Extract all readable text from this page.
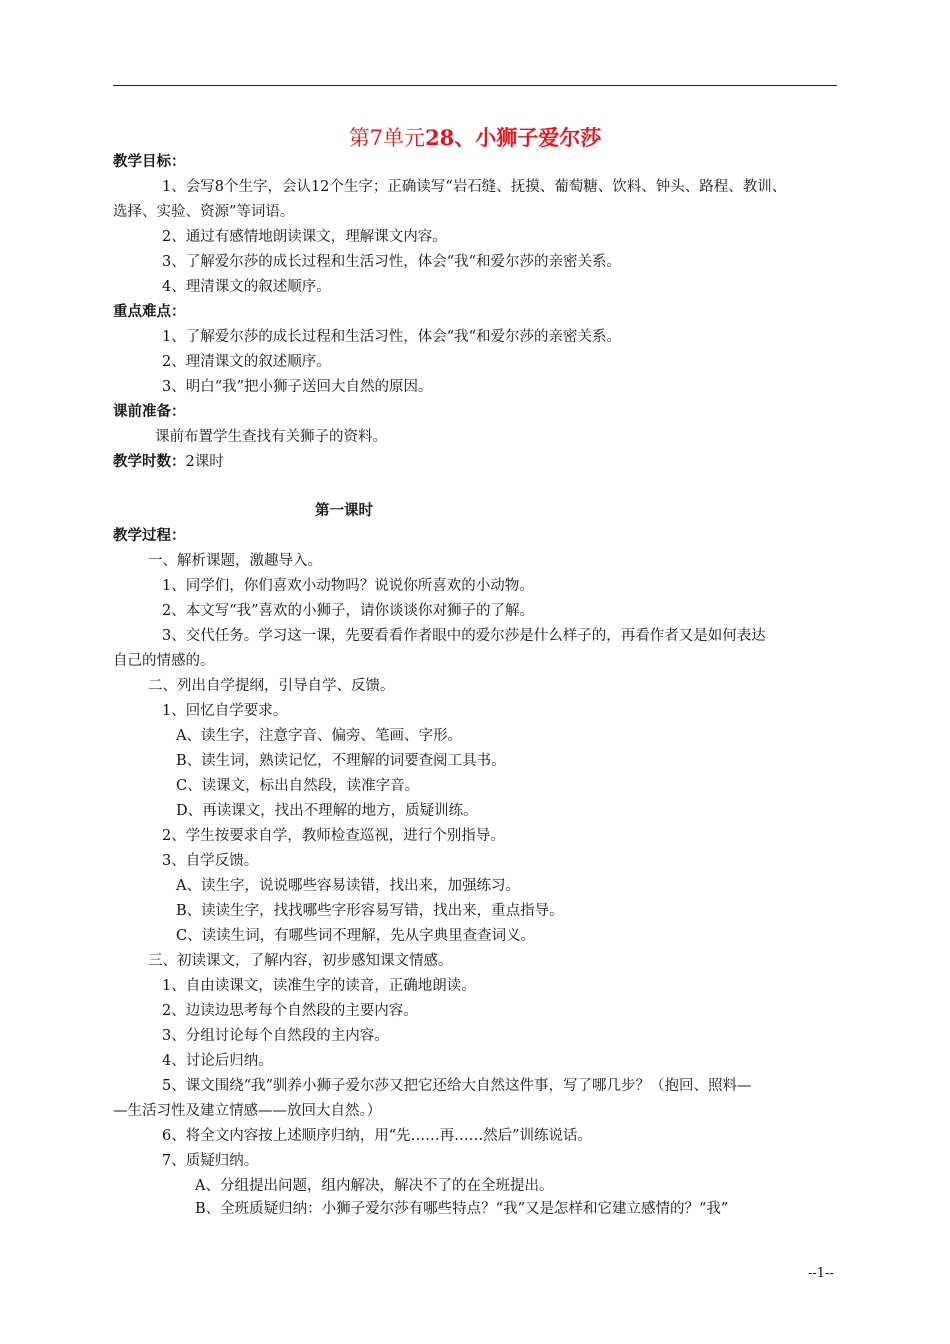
第7单元28、小狮子爱尔莎
教学目标：
1、会写8个生字，会认12个生字；正确读写“岩石缝、抚摸、葡萄糖、饮料、钟头、路程、教训、
选择、实验、资源”等词语。
2、通过有感情地朗读课文，理解课文内容。
3、了解爱尔莎的成长过程和生活习性，体会“我“和爱尔莎的亲密关系。
4、理清课文的叙述顺序。
重点难点：
1、了解爱尔莎的成长过程和生活习性，体会“我“和爱尔莎的亲密关系。
2、理清课文的叙述顺序。
3、明白“我”把小狮子送回大自然的原因。
课前准备：
课前布置学生查找有关狮子的资料。
教学时数：2课时
第一课时
教学过程：
一、解析课题，激趣导入。
1、同学们，你们喜欢小动物吗？说说你所喜欢的小动物。
2、本文写“我”喜欢的小狮子，请你谈谈你对狮子的了解。
3、交代任务。学习这一课，先要看看作者眼中的爱尔莎是什么样子的，再看作者又是如何表达
自己的情感的。
二、列出自学提纲，引导自学、反馈。
1、回忆自学要求。
A、读生字，注意字音、偏旁、笔画、字形。
B、读生词，熟读记忆，不理解的词要查阅工具书。
C、读课文，标出自然段，读准字音。
D、再读课文，找出不理解的地方，质疑训练。
2、学生按要求自学，教师检查巡视，进行个别指导。
3、自学反馈。
A、读生字，说说哪些容易读错，找出来，加强练习。
B、读读生字，找找哪些字形容易写错，找出来，重点指导。
C、读读生词，有哪些词不理解，先从字典里查查词义。
三、初读课文，了解内容，初步感知课文情感。
1、自由读课文，读准生字的读音，正确地朗读。
2、边读边思考每个自然段的主要内容。
3、分组讨论每个自然段的主内容。
4、讨论后归纳。
5、课文围绕“我”驯养小狮子爱尔莎又把它还给大自然这件事，写了哪几步？（抱回、照料—
—生活习性及建立情感——放回大自然。）
6、将全文内容按上述顺序归纳，用“先……再……然后”训练说话。
7、质疑归纳。
A、分组提出问题，组内解决，解决不了的在全班提出。
B、全班质疑归纳：小狮子爱尔莎有哪些特点？“我”又是怎样和它建立感情的？“我”
--1--
